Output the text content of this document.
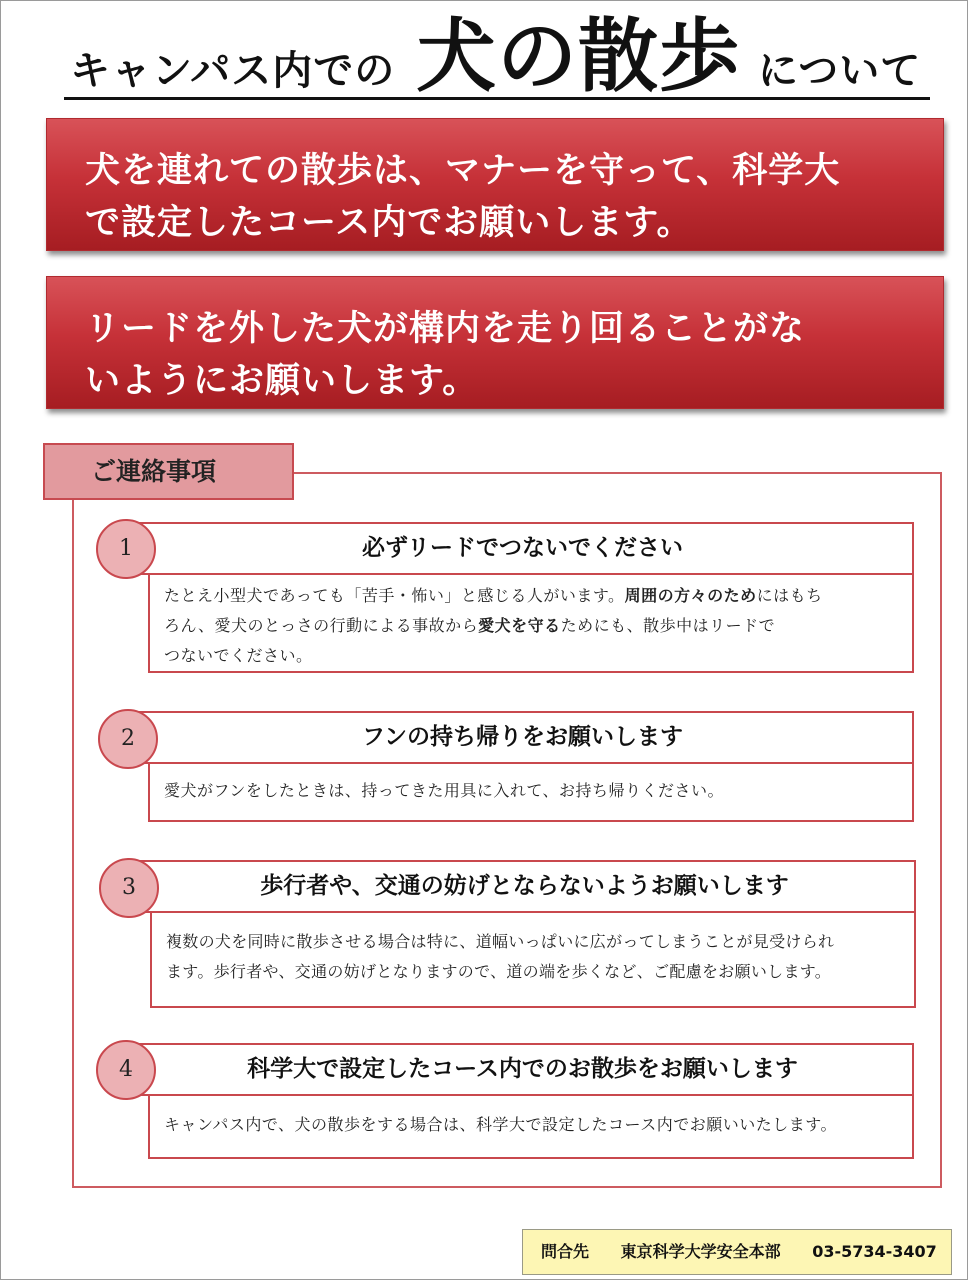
キャンパス内での 犬の散歩 について
犬を連れての散歩は、マナーを守って、科学大
で設定したコース内でお願いします。
リードを外した犬が構内を走り回ることがな
いようにお願いします。
ご連絡事項
必ずリードでつないでください
たとえ小型犬であっても「苦手・怖い」と感じる人がいます。周囲の方々のためにはもち
ろん、愛犬のとっさの行動による事故から愛犬を守るためにも、散歩中はリードで
つないでください。
1
フンの持ち帰りをお願いします
愛犬がフンをしたときは、持ってきた用具に入れて、お持ち帰りください。
2
歩行者や、交通の妨げとならないようお願いします
複数の犬を同時に散歩させる場合は特に、道幅いっぱいに広がってしまうことが見受けられ
ます。歩行者や、交通の妨げとなりますので、道の端を歩くなど、ご配慮をお願いします。
3
科学大で設定したコース内でのお散歩をお願いします
キャンパス内で、犬の散歩をする場合は、科学大で設定したコース内でお願いいたします。
4
問合先 東京科学大学安全本部 03-5734-3407
